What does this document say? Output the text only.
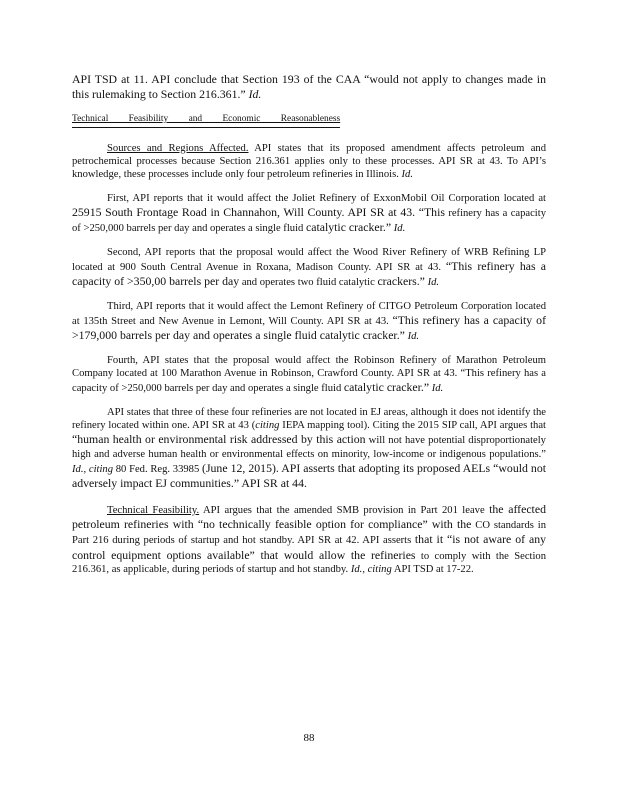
API TSD at 11. API conclude that Section 193 of the CAA “would not apply to changes made in this rulemaking to Section 216.361.” Id.

Technical Feasibility and Economic Reasonableness

Sources and Regions Affected. API states that its proposed amendment affects petroleum and petrochemical processes because Section 216.361 applies only to these processes. API SR at 43. To API’s knowledge, these processes include only four petroleum refineries in Illinois. Id.

First, API reports that it would affect the Joliet Refinery of ExxonMobil Oil Corporation located at 25915 South Frontage Road in Channahon, Will County. API SR at 43. “This refinery has a capacity of >250,000 barrels per day and operates a single fluid catalytic cracker.” Id.

Second, API reports that the proposal would affect the Wood River Refinery of WRB Refining LP located at 900 South Central Avenue in Roxana, Madison County. API SR at 43. “This refinery has a capacity of >350,00 barrels per day and operates two fluid catalytic crackers.” Id.

Third, API reports that it would affect the Lemont Refinery of CITGO Petroleum Corporation located at 135th Street and New Avenue in Lemont, Will County. API SR at 43. “This refinery has a capacity of >179,000 barrels per day and operates a single fluid catalytic cracker.” Id.

Fourth, API states that the proposal would affect the Robinson Refinery of Marathon Petroleum Company located at 100 Marathon Avenue in Robinson, Crawford County. API SR at 43. “This refinery has a capacity of >250,000 barrels per day and operates a single fluid catalytic cracker.” Id.

API states that three of these four refineries are not located in EJ areas, although it does not identify the refinery located within one. API SR at 43 (citing IEPA mapping tool). Citing the 2015 SIP call, API argues that “human health or environmental risk addressed by this action will not have potential disproportionately high and adverse human health or environmental effects on minority, low-income or indigenous populations.” Id., citing 80 Fed. Reg. 33985 (June 12, 2015). API asserts that adopting its proposed AELs “would not adversely impact EJ communities.” API SR at 44.

Technical Feasibility. API argues that the amended SMB provision in Part 201 leave the affected petroleum refineries with “no technically feasible option for compliance” with the CO standards in Part 216 during periods of startup and hot standby. API SR at 42. API asserts that it “is not aware of any control equipment options available” that would allow the refineries to comply with the Section 216.361, as applicable, during periods of startup and hot standby. Id., citing API TSD at 17-22.

88
